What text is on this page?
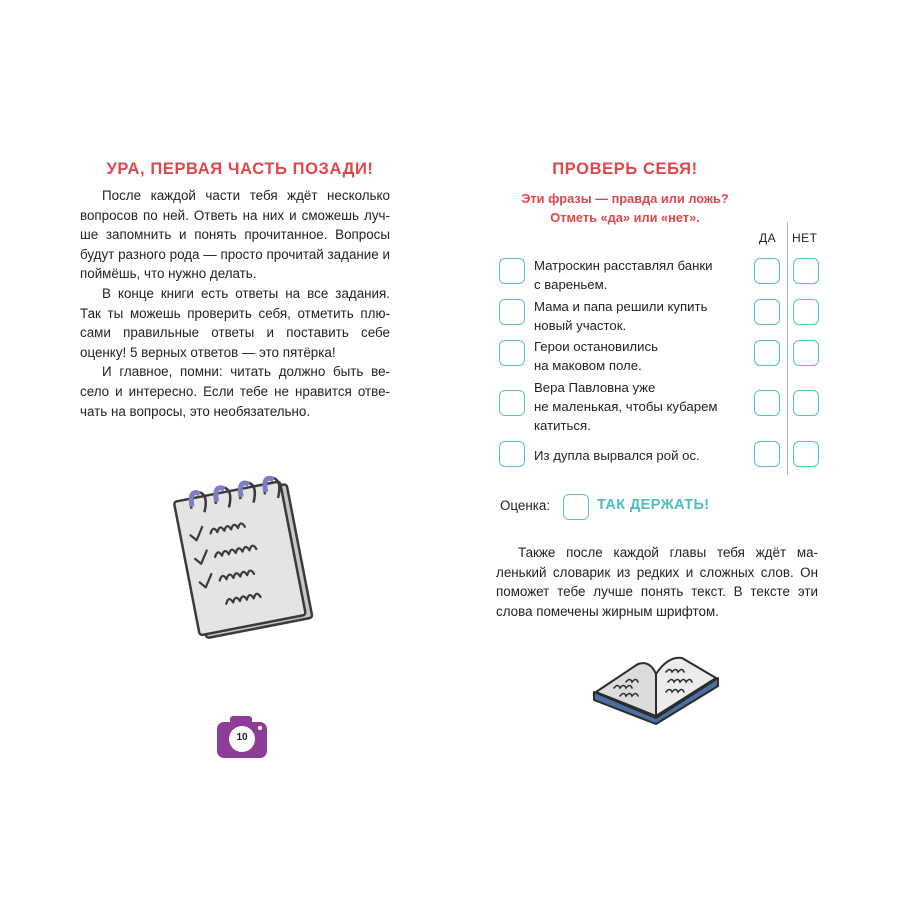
УРА, ПЕРВАЯ ЧАСТЬ ПОЗАДИ!

После каждой части тебя ждёт несколько вопросов по ней. Ответь на них и сможешь лучше запомнить и понять прочитанное. Вопросы будут разного рода — просто прочитай задание и поймёшь, что нужно делать.

В конце книги есть ответы на все задания. Так ты можешь проверить себя, отметить плюсами правильные ответы и поставить себе оценку! 5 верных ответов — это пятёрка!

И главное, помни: читать должно быть весело и интересно. Если тебе не нравится отвечать на вопросы, это необязательно.

10
ПРОВЕРЬ СЕБЯ!
Эти фразы — правда или ложь?
Отметь «да» или «нет».
ДА НЕТ
Матроскин расставлял банки
с вареньем.
Мама и папа решили купить
новый участок.
Герои остановились
на маковом поле.
Вера Павловна уже
не маленькая, чтобы кубарем
катиться.
Из дупла вырвался рой ос.
Оценка:	ТАК ДЕРЖАТЬ!

Также после каждой главы тебя ждёт маленький словарик из редких и сложных слов. Он поможет тебе лучше понять текст. В тексте эти слова помечены жирным шрифтом.
